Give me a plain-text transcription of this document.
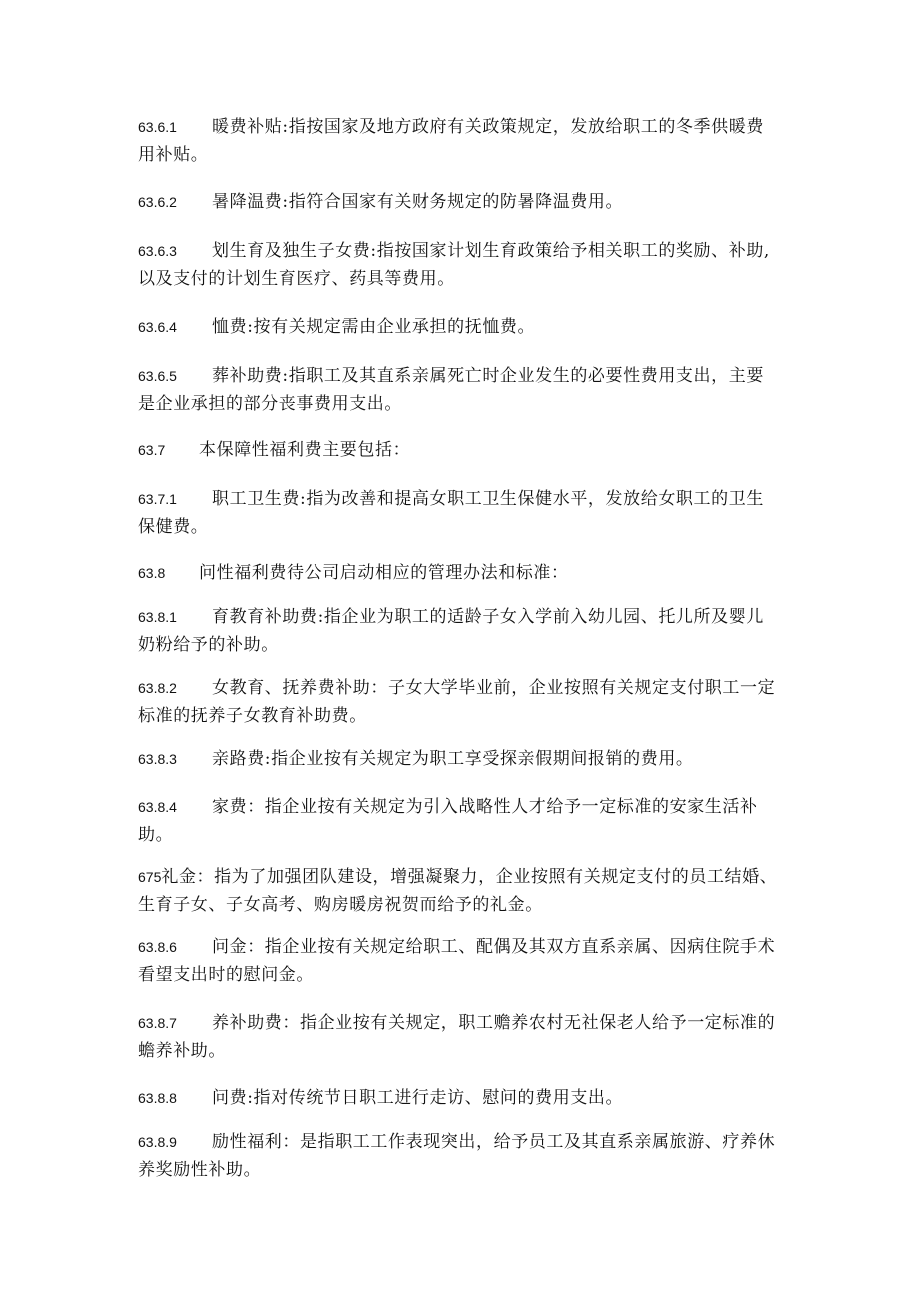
63.6.1 暖费补贴:指按国家及地方政府有关政策规定，发放给职工的冬季供暖费用补贴。

63.6.2 暑降温费:指符合国家有关财务规定的防暑降温费用。

63.6.3 划生育及独生子女费:指按国家计划生育政策给予相关职工的奖励、补助,以及支付的计划生育医疗、药具等费用。

63.6.4 恤费:按有关规定需由企业承担的抚恤费。

63.6.5 葬补助费:指职工及其直系亲属死亡时企业发生的必要性费用支出，主要是企业承担的部分丧事费用支出。

63.7 本保障性福利费主要包括：

63.7.1 职工卫生费:指为改善和提高女职工卫生保健水平，发放给女职工的卫生保健费。

63.8 问性福利费待公司启动相应的管理办法和标准：

63.8.1 育教育补助费:指企业为职工的适龄子女入学前入幼儿园、托儿所及婴儿奶粉给予的补助。

63.8.2 女教育、抚养费补助：子女大学毕业前，企业按照有关规定支付职工一定标准的抚养子女教育补助费。

63.8.3 亲路费:指企业按有关规定为职工享受探亲假期间报销的费用。

63.8.4 家费：指企业按有关规定为引入战略性人才给予一定标准的安家生活补助。

675礼金：指为了加强团队建设，增强凝聚力，企业按照有关规定支付的员工结婚、生育子女、子女高考、购房暖房祝贺而给予的礼金。

63.8.6 问金：指企业按有关规定给职工、配偶及其双方直系亲属、因病住院手术看望支出时的慰问金。

63.8.7 养补助费：指企业按有关规定，职工赡养农村无社保老人给予一定标准的蟾养补助。

63.8.8 问费:指对传统节日职工进行走访、慰问的费用支出。

63.8.9 励性福利：是指职工工作表现突出，给予员工及其直系亲属旅游、疗养休养奖励性补助。
